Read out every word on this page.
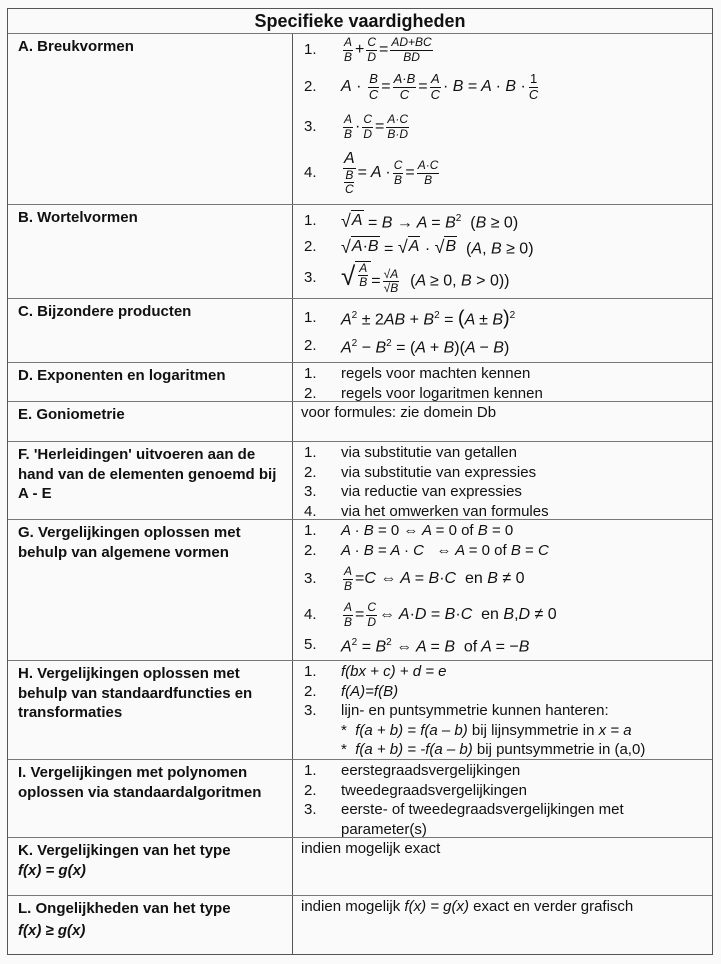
Specifieke vaardigheden
A. Breukvormen	1.	$\frac{A}{B} + \frac{C}{D} = \frac{AD+BC}{BD}$
2.	$A \cdot \frac{B}{C} = \frac{A\cdot B}{C} = \frac{A}{C} \cdot B = A \cdot B \cdot \frac{1}{C}$
3.	$\frac{A}{B} \cdot \frac{C}{D} = \frac{A\cdot C}{B\cdot D}$
4.	$\frac{A}{\frac{B}{C}} = A \cdot \frac{C}{B} = \frac{A\cdot C}{B}$
B. Wortelvormen	1.	√ $A = B \to A = B^2$  (B ≥ 0)
2.	√ A·B = √ A · √ B (A, B ≥ 0)
3. √ $\frac{A}{B} = \frac{√A}{√B} (A \ge 0$, B > 0))
C. Bijzondere producten	1.	$A^2 \pm 2AB + B^2 = (A \pm B)^2$
2.	$A^2 - B^2 = (A + B)(A - B)$
D. Exponenten en logaritmen	1.	regels voor machten kennen
2.	regels voor logaritmen kennen
E. Goniometrie	voor formules: zie domein Db
F. 'Herleidingen' uitvoeren aan de hand van de elementen genoemd bij A - E
1.	via substitutie van getallen
2.	via substitutie van expressies
3.	via reductie van expressies
4.	via het omwerken van formules
G. Vergelijkingen oplossen met behulp van algemene vormen
1.	A · B = 0 ⇔ A = 0 of B = 0
2.	A · B = A · C   ⇔ A = 0 of B = C
3.	$\frac{A}{B} =C$ ⇔ A = B·C  en B ≠ 0
4.	$\frac{A}{B} = \frac{C}{D}$ ⇔ A·D = B·C  en B,D ≠ 0
5.	$A^2 = B^2$ ⇔ A = B  of A = −B
H. Vergelijkingen oplossen met behulp van standaardfuncties en transformaties
1.	f(bx + c) + d = e
2.	f(A)=f(B)
3.	lijn- en puntsymmetrie kunnen hanteren:
* f(a + b) = f(a – b) bij lijnsymmetrie in x = a
* f(a + b) = -f(a – b) bij puntsymmetrie in (a,0)
I. Vergelijkingen met polynomen oplossen via standaardalgoritmen
1.	eerstegraadsvergelijkingen
2.	tweedegraadsvergelijkingen
3.	eerste- of tweedegraadsvergelijkingen met parameter(s)
K. Vergelijkingen van het type
f(x) = g(x)
indien mogelijk exact
L. Ongelijkheden van het type
f(x) ≥ g(x)
indien mogelijk f(x) = g(x) exact en verder grafisch
